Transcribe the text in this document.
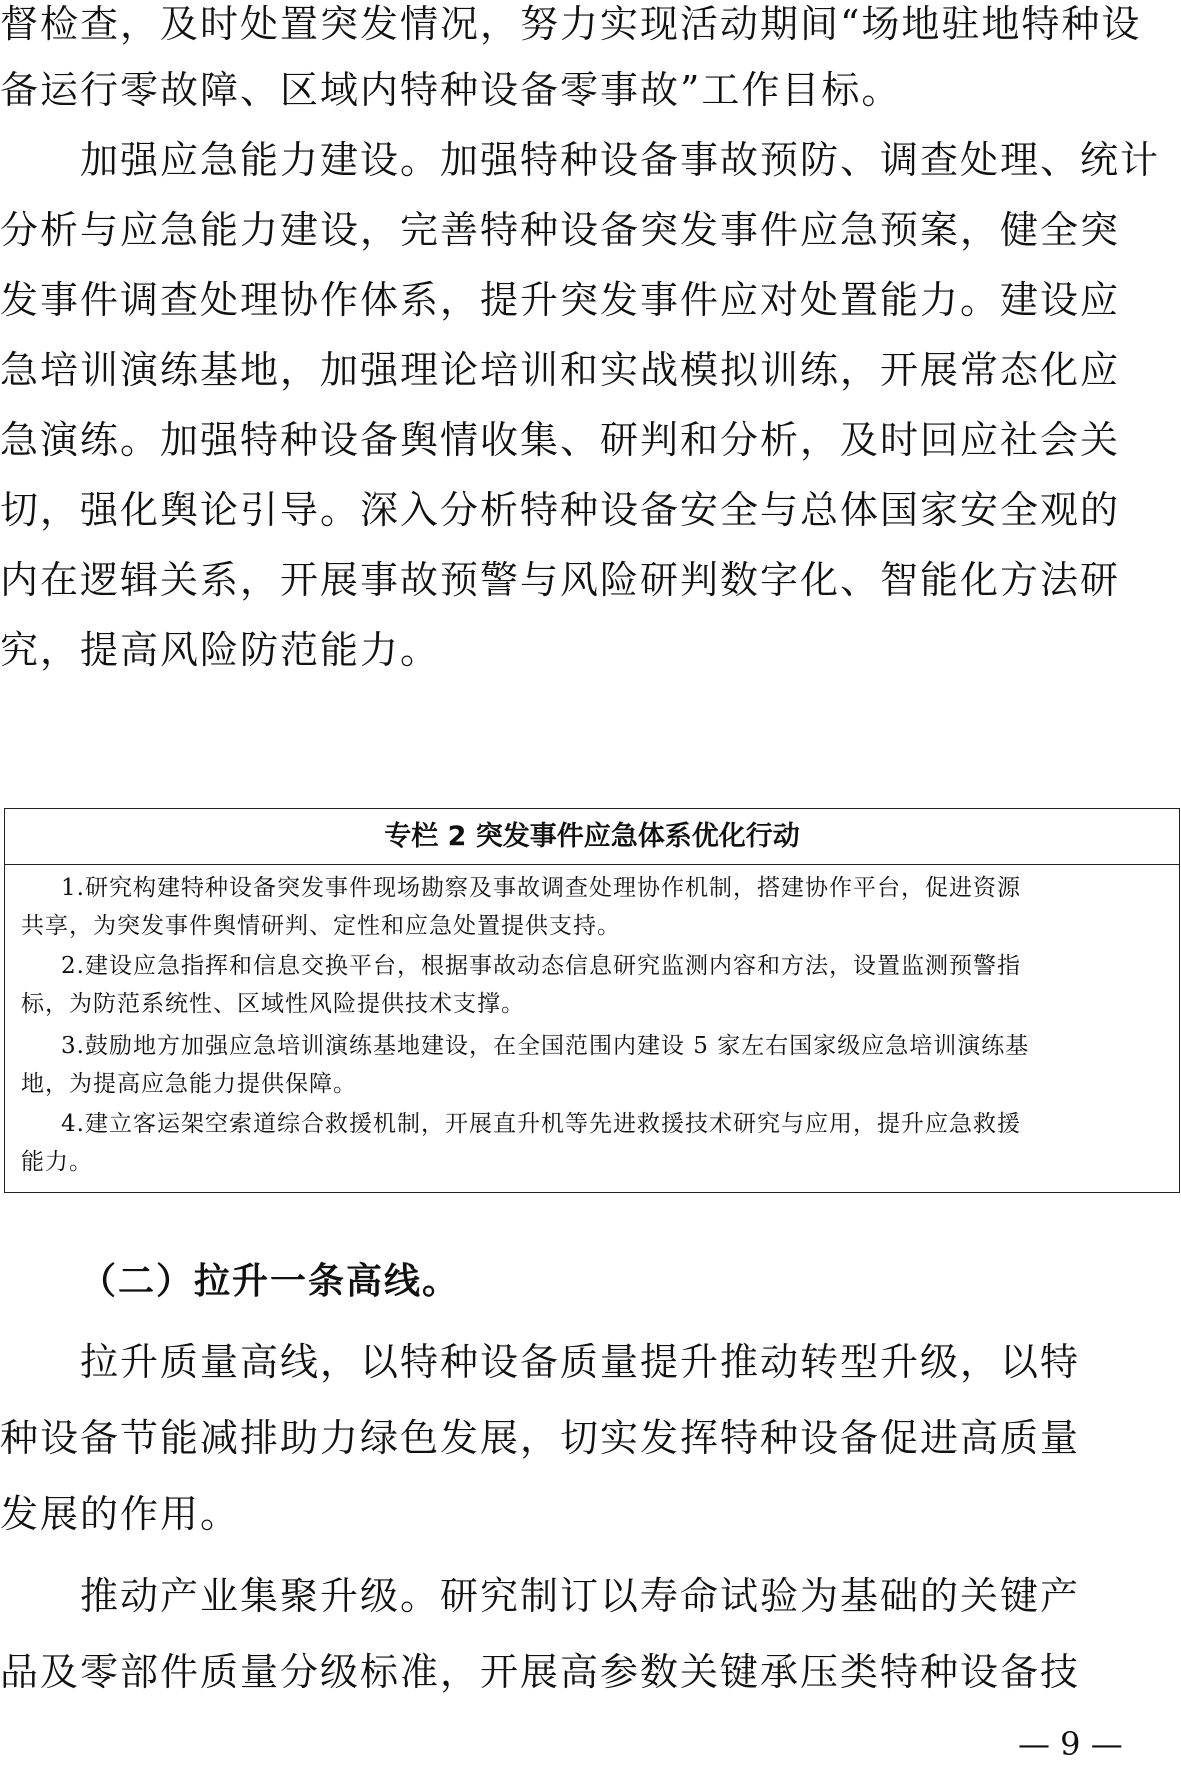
督检查，及时处置突发情况，努力实现活动期间“场地驻地特种设

备运行零故障、区域内特种设备零事故”工作目标。

加强应急能力建设。加强特种设备事故预防、调查处理、统计

分析与应急能力建设，完善特种设备突发事件应急预案，健全突

发事件调查处理协作体系，提升突发事件应对处置能力。建设应

急培训演练基地，加强理论培训和实战模拟训练，开展常态化应

急演练。加强特种设备舆情收集、研判和分析，及时回应社会关

切，强化舆论引导。深入分析特种设备安全与总体国家安全观的

内在逻辑关系，开展事故预警与风险研判数字化、智能化方法研

究，提高风险防范能力。

专栏 2 突发事件应急体系优化行动

1.研究构建特种设备突发事件现场勘察及事故调查处理协作机制，搭建协作平台，促进资源

共享，为突发事件舆情研判、定性和应急处置提供支持。

2.建设应急指挥和信息交换平台，根据事故动态信息研究监测内容和方法，设置监测预警指

标，为防范系统性、区域性风险提供技术支撑。

3.鼓励地方加强应急培训演练基地建设，在全国范围内建设 5 家左右国家级应急培训演练基

地，为提高应急能力提供保障。

4.建立客运架空索道综合救援机制，开展直升机等先进救援技术研究与应用，提升应急救援

能力。

（二）拉升一条高线。

拉升质量高线，以特种设备质量提升推动转型升级，以特

种设备节能减排助力绿色发展，切实发挥特种设备促进高质量

发展的作用。

推动产业集聚升级。研究制订以寿命试验为基础的关键产

品及零部件质量分级标准，开展高参数关键承压类特种设备技

— 9 —
